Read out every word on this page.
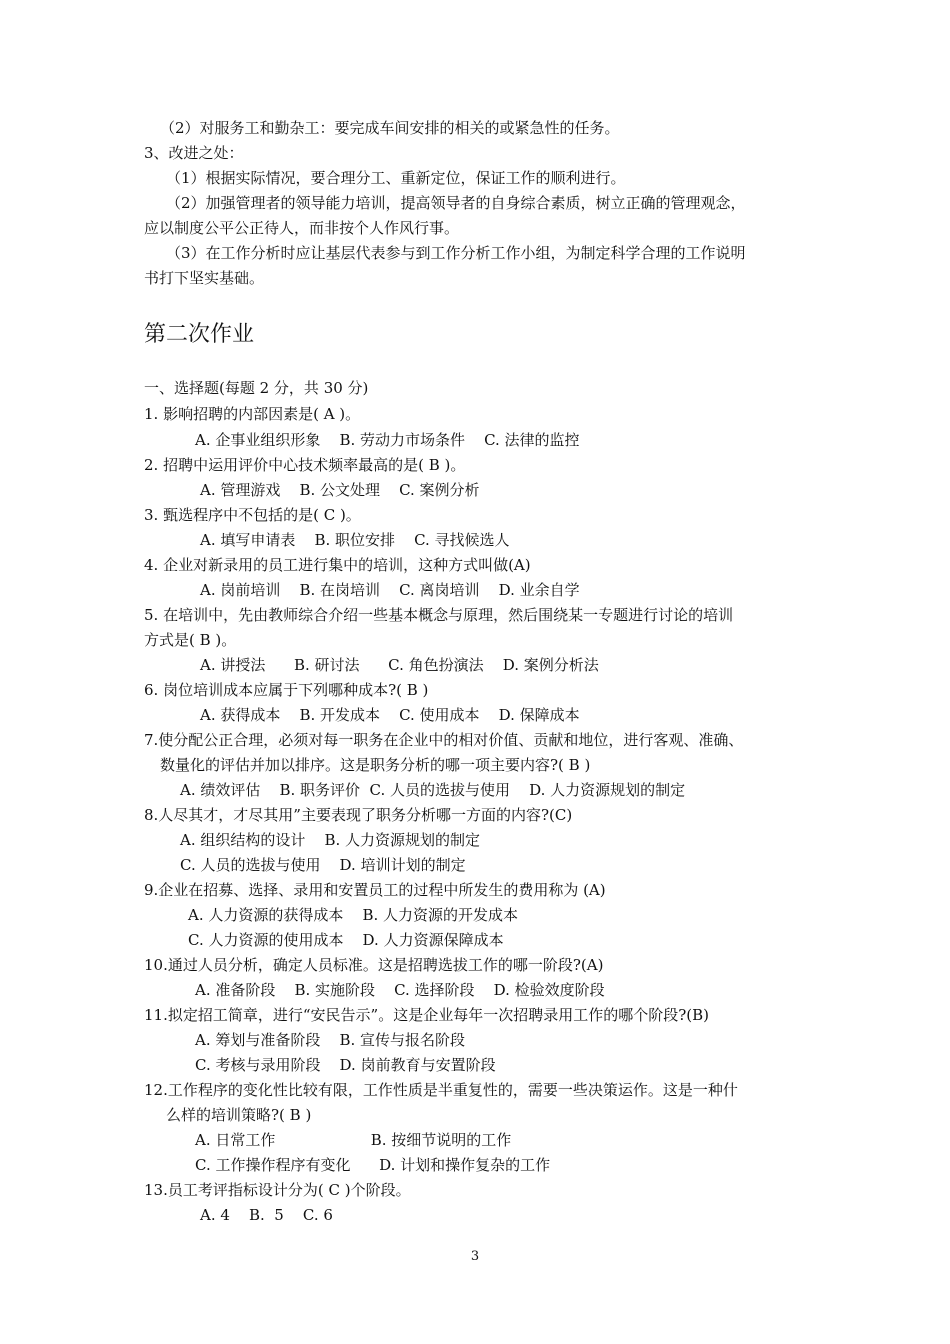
（2）对服务工和勤杂工：要完成车间安排的相关的或紧急性的任务。
3、改进之处：
（1）根据实际情况，要合理分工、重新定位，保证工作的顺利进行。
（2）加强管理者的领导能力培训，提高领导者的自身综合素质，树立正确的管理观念，
应以制度公平公正待人，而非按个人作风行事。
（3）在工作分析时应让基层代表参与到工作分析工作小组，为制定科学合理的工作说明
书打下坚实基础。
第二次作业
一、选择题(每题 2 分，共 30 分)
1. 影响招聘的内部因素是( A )。
A. 企事业组织形象    B. 劳动力市场条件    C. 法律的监控
2. 招聘中运用评价中心技术频率最高的是( B )。
A. 管理游戏    B. 公文处理    C. 案例分析
3. 甄选程序中不包括的是( C )。
A. 填写申请表    B. 职位安排    C. 寻找候选人
4. 企业对新录用的员工进行集中的培训，这种方式叫做(A)
A. 岗前培训    B. 在岗培训    C. 离岗培训    D. 业余自学
5. 在培训中，先由教师综合介绍一些基本概念与原理，然后围绕某一专题进行讨论的培训
方式是( B )。
A. 讲授法      B. 研讨法      C. 角色扮演法    D. 案例分析法
6. 岗位培训成本应属于下列哪种成本?( B )
A. 获得成本    B. 开发成本    C. 使用成本    D. 保障成本
7.使分配公正合理，必须对每一职务在企业中的相对价值、贡献和地位，进行客观、准确、
数量化的评估并加以排序。这是职务分析的哪一项主要内容?( B )
A. 绩效评估    B. 职务评价  C. 人员的选拔与使用    D. 人力资源规划的制定
8.人尽其才，才尽其用”主要表现了职务分析哪一方面的内容?(C)
A. 组织结构的设计    B. 人力资源规划的制定
C. 人员的选拔与使用    D. 培训计划的制定
9.企业在招募、选择、录用和安置员工的过程中所发生的费用称为 (A)
A. 人力资源的获得成本    B. 人力资源的开发成本
C. 人力资源的使用成本    D. 人力资源保障成本
10.通过人员分析，确定人员标准。这是招聘选拔工作的哪一阶段?(A)
A. 准备阶段    B. 实施阶段    C. 选择阶段    D. 检验效度阶段
11.拟定招工简章，进行“安民告示”。这是企业每年一次招聘录用工作的哪个阶段?(B)
A. 筹划与准备阶段    B. 宣传与报名阶段
C. 考核与录用阶段    D. 岗前教育与安置阶段
12.工作程序的变化性比较有限，工作性质是半重复性的，需要一些决策运作。这是一种什
么样的培训策略?( B )
A. 日常工作                    B. 按细节说明的工作
C. 工作操作程序有变化      D. 计划和操作复杂的工作
13.员工考评指标设计分为( C )个阶段。
A. 4    B.  5    C. 6
3
